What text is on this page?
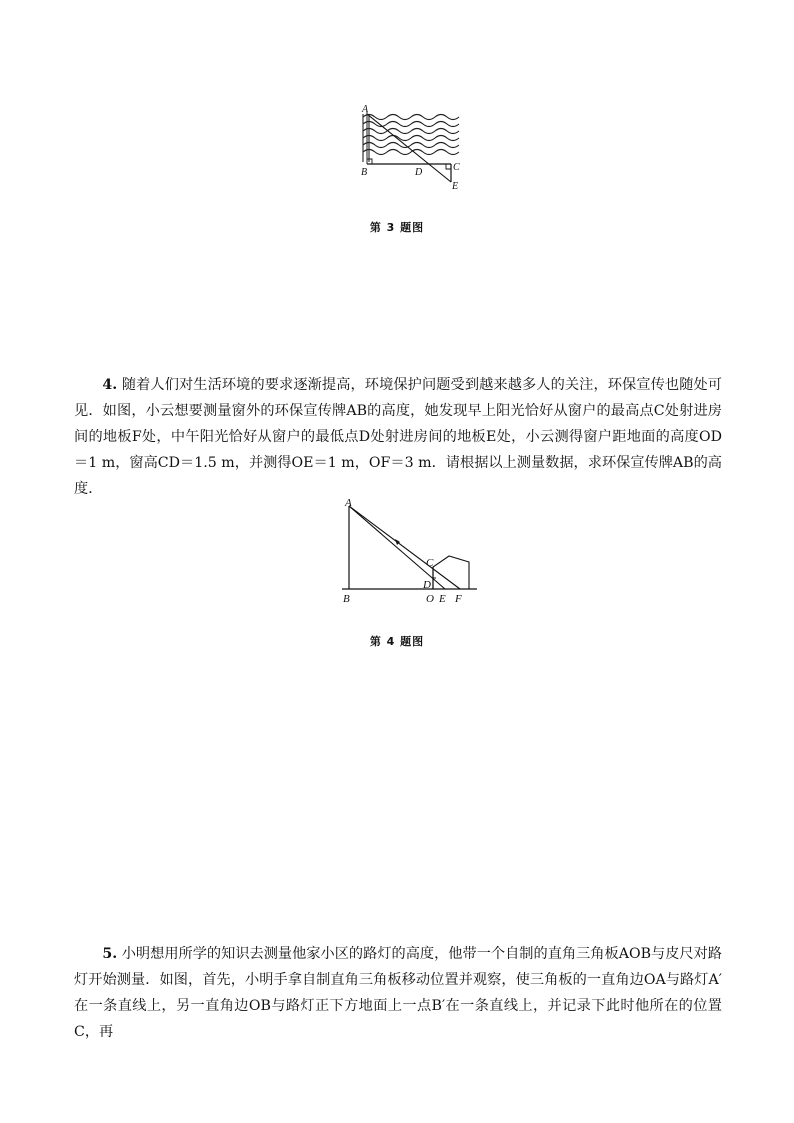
A
B	D	C
E
第 3 题图
4. 随着人们对生活环境的要求逐渐提高，环境保护问题受到越来越多人的关注，环保宣传也随处可见．如图，小云想要测量窗外的环保宣传牌AB的高度，她发现早上阳光恰好从窗户的最高点C处射进房间的地板F处，中午阳光恰好从窗户的最低点D处射进房间的地板E处，小云测得窗户距地面的高度OD＝1 m，窗高CD＝1.5 m，并测得OE＝1 m，OF＝3 m．请根据以上测量数据，求环保宣传牌AB的高度．
A
B
C
D
O E F
第 4 题图
5. 小明想用所学的知识去测量他家小区的路灯的高度，他带一个自制的直角三角板AOB与皮尺对路灯开始测量．如图，首先，小明手拿自制直角三角板移动位置并观察，使三角板的一直角边OA与路灯A′在一条直线上，另一直角边OB与路灯正下方地面上一点B′在一条直线上，并记录下此时他所在的位置C，再
